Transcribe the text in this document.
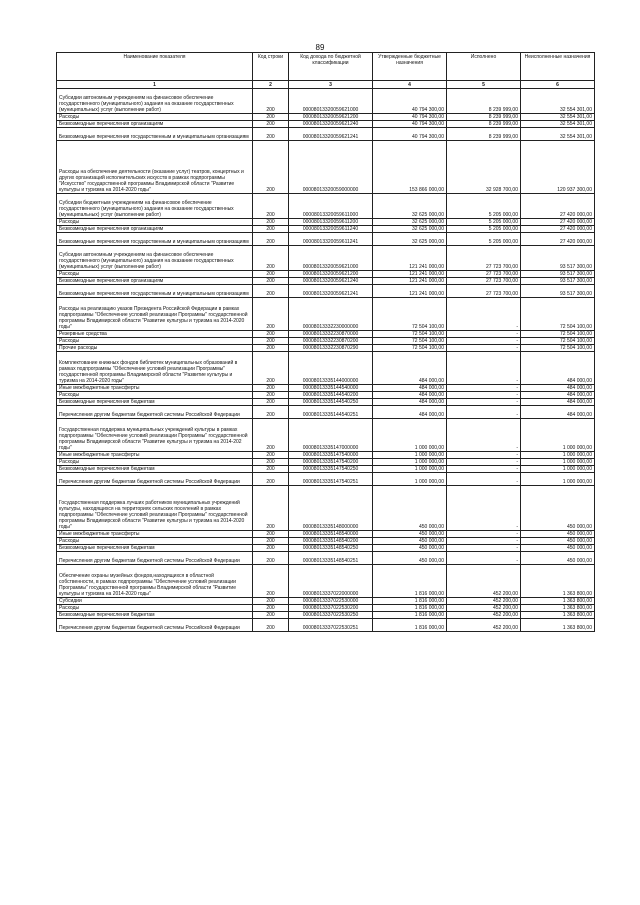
89
Наименование показателя	Код строки	Код дохода по бюджетной классификации	Утвержденные бюджетные назначения	Исполнено	Неисполненные назначения
1	2	3	4	5	6
Субсидии автономным учреждениям на финансовое обеспечение государственного (муниципального) задания на оказание государственных (муниципальных) услуг (выполнение работ)	200	00008013320059621000	40 794 300,00	8 239 999,00	32 554 301,00
Расходы	200	00008013320059621200	40 794 300,00	8 239 999,00	32 554 301,00
Безвозмездные перечисления организациям	200	00008013320059621240	40 794 300,00	8 239 999,00	32 554 301,00
Безвозмездные перечисления государственным и муниципальным организациям	200	00008013320059621241	40 794 300,00	8 239 999,00	32 554 301,00
Расходы на обеспечение деятельности (оказание услуг) театров, концертных и других организаций исполнительских искусств в рамках подпрограммы "Искусство" государственной программы Владимирской области "Развитие культуры и туризма на 2014-2020 годы"	200	00008013320059000000	153 866 000,00	32 928 700,00	120 937 300,00
Субсидии бюджетным учреждениям на финансовое обеспечение государственного (муниципального) задания на оказание государственных (муниципальных) услуг (выполнение работ)	200	00008013320059611000	32 625 000,00	5 205 000,00	27 420 000,00
Расходы	200	00008013320059611200	32 625 000,00	5 205 000,00	27 420 000,00
Безвозмездные перечисления организациям	200	00008013320059611240	32 625 000,00	5 205 000,00	27 420 000,00
Безвозмездные перечисления государственным и муниципальным организациям	200	00008013320059611241	32 625 000,00	5 205 000,00	27 420 000,00
Субсидии автономным учреждениям на финансовое обеспечение государственного (муниципального) задания на оказание государственных (муниципальных) услуг (выполнение работ)	200	00008013320059621000	121 241 000,00	27 723 700,00	93 517 300,00
Расходы	200	00008013320059621200	121 241 000,00	27 723 700,00	93 517 300,00
Безвозмездные перечисления организациям	200	00008013320059621240	121 241 000,00	27 723 700,00	93 517 300,00
Безвозмездные перечисления государственным и муниципальным организациям	200	00008013320059621241	121 241 000,00	27 723 700,00	93 517 300,00
Расходы на реализацию указов Президента Российской Федерации в рамках подпрограммы "Обеспечение условий реализации Программы" государственной программы Владимирской области "Развитие культуры и туризма на 2014-2020 годы"	200	00008013332230000000	72 504 100,00	-	72 504 100,00
Резервные средства	200	00008013332230870000	72 504 100,00	-	72 504 100,00
Расходы	200	00008013332230870200	72 504 100,00	-	72 504 100,00
Прочие расходы	200	00008013332230870290	72 504 100,00	-	72 504 100,00
Комплектование книжных фондов библиотек муниципальных образований в рамках подпрограммы "Обеспечение условий реализации Программы" государственной программы Владимирской области "Развитие культуры и туризма на 2014-2020 годы"	200	00008013335144000000	484 000,00	-	484 000,00
Иные межбюджетные трансферты	200	00008013335144540000	484 000,00	-	484 000,00
Расходы	200	00008013335144540200	484 000,00	-	484 000,00
Безвозмездные перечисления бюджетам	200	00008013335144540250	484 000,00	-	484 000,00
Перечисления другим бюджетам бюджетной системы Российской Федерации	200	00008013335144540251	484 000,00	-	484 000,00
Государственная поддержка муниципальных учреждений культуры в рамках подпрограммы "Обеспечение условий реализации Программы" государственной программы Владимирской области "Развитие культуры и туризма на 2014-202 годы"	200	00008013335147000000	1 000 000,00	-	1 000 000,00
Иные межбюджетные трансферты	200	00008013335147540000	1 000 000,00	-	1 000 000,00
Расходы	200	00008013335147540200	1 000 000,00	-	1 000 000,00
Безвозмездные перечисления бюджетам	200	00008013335147540250	1 000 000,00	-	1 000 000,00
Перечисления другим бюджетам бюджетной системы Российской Федерации	200	00008013335147540251	1 000 000,00	-	1 000 000,00
Государственная поддержка лучших работников муниципальных учреждений культуры, находящихся на территориях сельских поселений в рамках подпрограммы "Обеспечение условий реализации Программы" государственной программы Владимирской области "Развитие культуры и туризма на 2014-2020 годы"	200	00008013335148000000	450 000,00	-	450 000,00
Иные межбюджетные трансферты	200	00008013335148540000	450 000,00	-	450 000,00
Расходы	200	00008013335148540200	450 000,00	-	450 000,00
Безвозмездные перечисления бюджетам	200	00008013335148540250	450 000,00	-	450 000,00
Перечисления другим бюджетам бюджетной системы Российской Федерации	200	00008013335148540251	450 000,00	-	450 000,00
Обеспечение охраны музейных фондов,находящихся в областной собственности, в рамках подпрограммы "Обеспечение условий реализации Программы" государственной программы Владимирской области "Развитие культуры и туризма на 2014-2020 годы"	200	00008013337022000000	1 816 000,00	452 200,00	1 363 800,00
Субсидии	200	00008013337022530000	1 816 000,00	452 200,00	1 363 800,00
Расходы	200	00008013337022530200	1 816 000,00	452 200,00	1 363 800,00
Безвозмездные перечисления бюджетам	200	00008013337022530250	1 816 000,00	452 200,00	1 363 800,00
Перечисления другим бюджетам бюджетной системы Российской Федерации	200	00008013337022530251	1 816 000,00	452 200,00	1 363 800,00
